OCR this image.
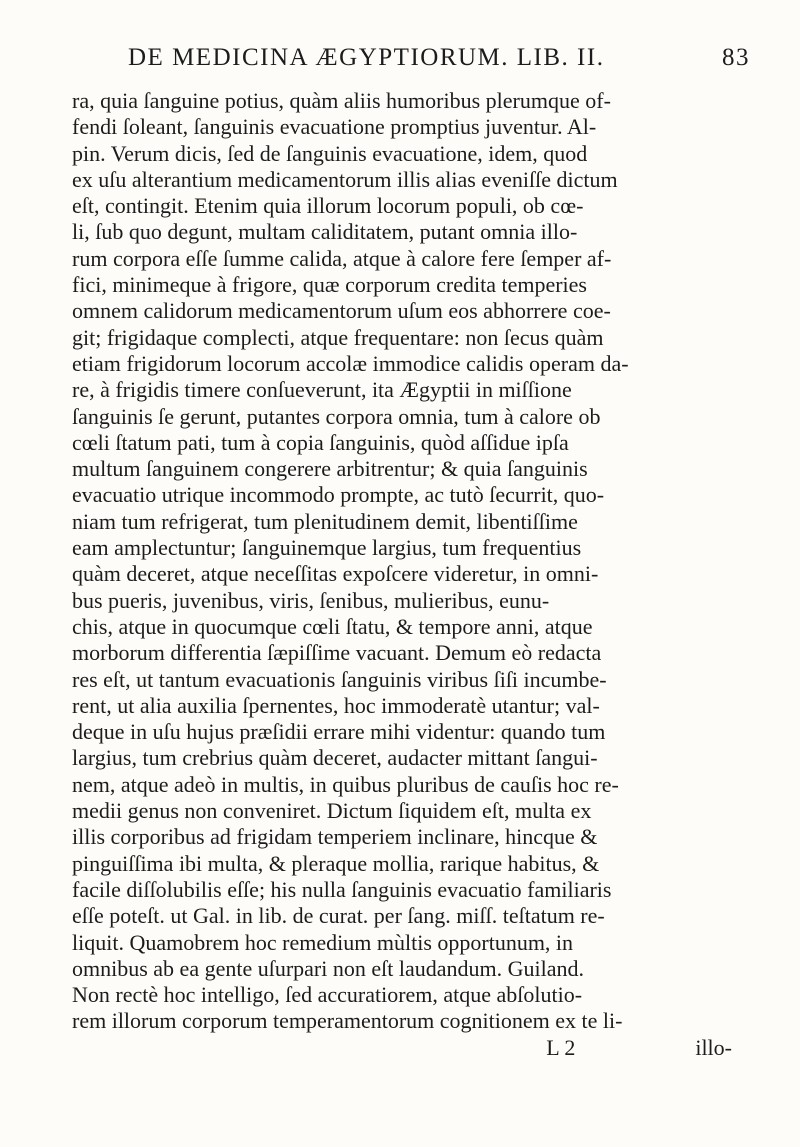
DE MEDICINA ÆGYPTIORUM. LIB. II.	83
ra, quia ſanguine potius, quàm aliis humoribus plerumque of-
fendi ſoleant, ſanguinis evacuatione promptius juventur. Al-
pin. Verum dicis, ſed de ſanguinis evacuatione, idem, quod
ex uſu alterantium medicamentorum illis alias eveniſſe dictum
eſt, contingit. Etenim quia illorum locorum populi, ob cœ-
li, ſub quo degunt, multam caliditatem, putant omnia illo-
rum corpora eſſe ſumme calida, atque à calore fere ſemper af-
fici, minimeque à frigore, quæ corporum credita temperies
omnem calidorum medicamentorum uſum eos abhorrere coe-
git; frigidaque complecti, atque frequentare: non ſecus quàm
etiam frigidorum locorum accolæ immodice calidis operam da-
re, à frigidis timere conſueverunt, ita Ægyptii in miſſione
ſanguinis ſe gerunt, putantes corpora omnia, tum à calore ob
cœli ſtatum pati, tum à copia ſanguinis, quòd aſſidue ipſa
multum ſanguinem congerere arbitrentur; & quia ſanguinis
evacuatio utrique incommodo prompte, ac tutò ſecurrit, quo-
niam tum refrigerat, tum plenitudinem demit, libentiſſime
eam amplectuntur; ſanguinemque largius, tum frequentius
quàm deceret, atque neceſſitas expoſcere videretur, in omni-
bus pueris, juvenibus, viris, ſenibus, mulieribus, eunu-
chis, atque in quocumque cœli ſtatu, & tempore anni, atque
morborum differentia ſæpiſſime vacuant. Demum eò redacta
res eſt, ut tantum evacuationis ſanguinis viribus ſiſi incumbe-
rent, ut alia auxilia ſpernentes, hoc immoderatè utantur; val-
deque in uſu hujus præſidii errare mihi videntur: quando tum
largius, tum crebrius quàm deceret, audacter mittant ſangui-
nem, atque adeò in multis, in quibus pluribus de cauſis hoc re-
medii genus non conveniret. Dictum ſiquidem eſt, multa ex
illis corporibus ad frigidam temperiem inclinare, hincque &
pinguiſſima ibi multa, & pleraque mollia, rarique habitus, &
facile diſſolubilis eſſe; his nulla ſanguinis evacuatio familiaris
eſſe poteſt. ut Gal. in lib. de curat. per ſang. miſſ. teſtatum re-
liquit. Quamobrem hoc remedium mùltis opportunum, in
omnibus ab ea gente uſurpari non eſt laudandum. Guiland.
Non rectè hoc intelligo, ſed accuratiorem, atque abſolutio-
rem illorum corporum temperamentorum cognitionem ex te li-
L 2	illo-
